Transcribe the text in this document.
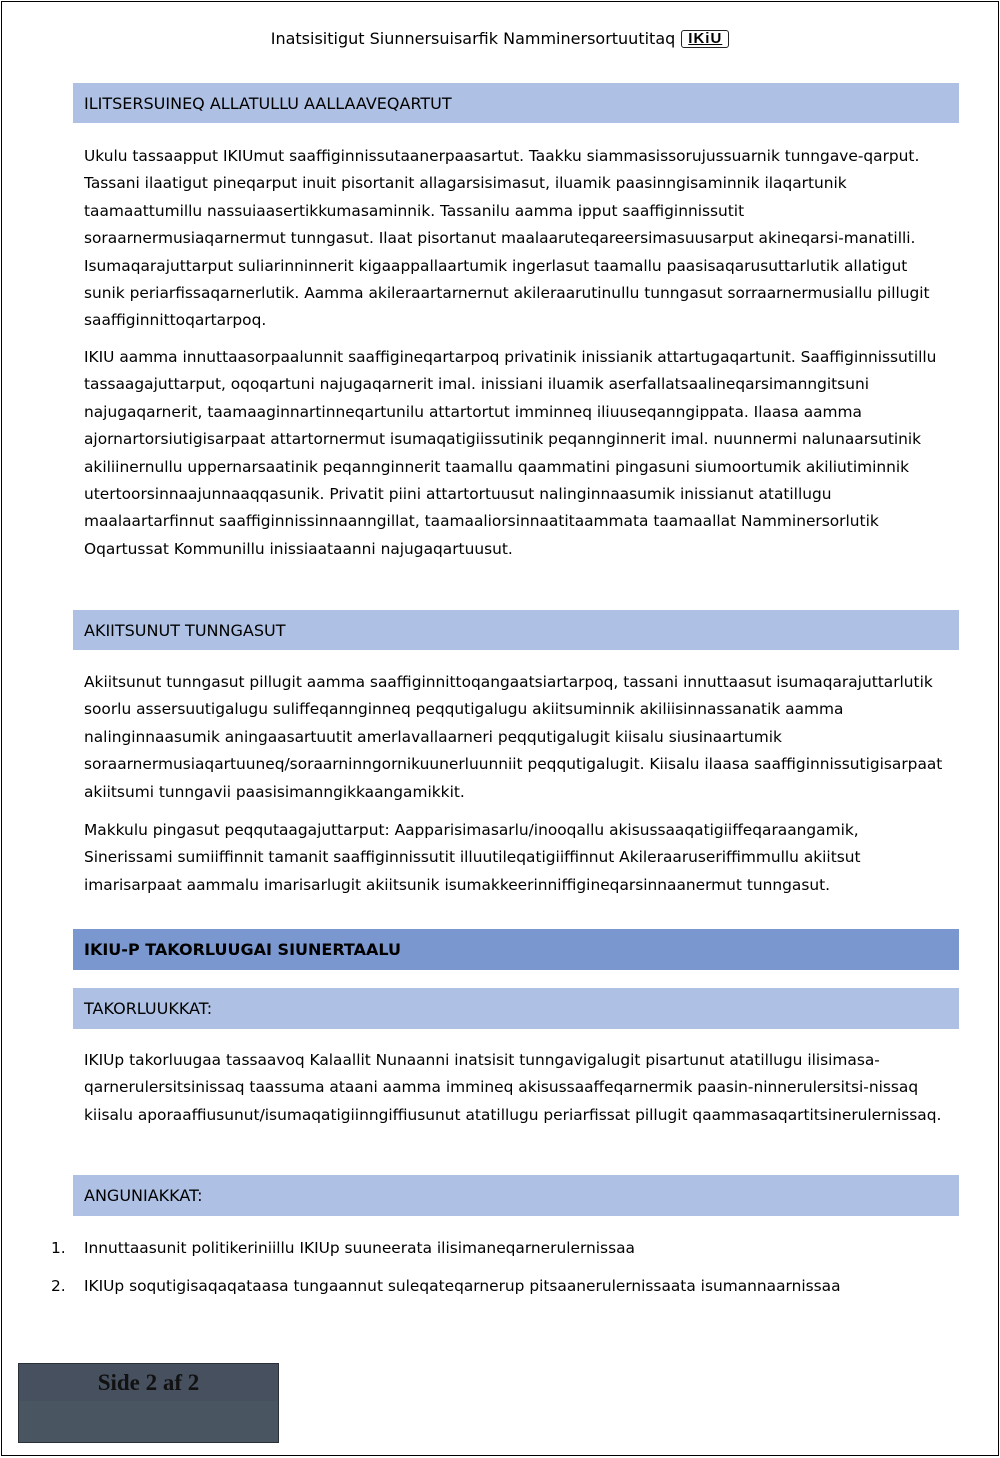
Inatsisitigut Siunnersuisarfik Namminersortuutitaq IKiU
ILITSERSUINEQ ALLATULLU AALLAAVEQARTUT

Ukulu tassaapput IKIUmut saaffiginnissutaanerpaasartut. Taakku siammasissorujussuarnik tunngave-qarput. Tassani ilaatigut pineqarput inuit pisortanit allagarsisimasut, iluamik paasinngisaminnik ilaqartunik taamaattumillu nassuiaasertikkumasaminnik. Tassanilu aamma ipput saaffiginnissutit soraarnermusiaqarnermut tunngasut. Ilaat pisortanut maalaaruteqareersimasuusarput akineqarsi-manatilli. Isumaqarajuttarput suliarinninnerit kigaappallaartumik ingerlasut taamallu paasisaqarusuttarlutik allatigut sunik periarfissaqarnerlutik. Aamma akileraartarnernut akileraarutinullu tunngasut sorraarnermusiallu pillugit saaffiginnittoqartarpoq.

IKIU aamma innuttaasorpaalunnit saaffigineqartarpoq privatinik inissianik attartugaqartunit. Saaffiginnissutillu tassaagajuttarput, oqoqartuni najugaqarnerit imal. inissiani iluamik aserfallatsaalineqarsimanngitsuni najugaqarnerit, taamaaginnartinneqartunilu attartortut imminneq iliuuseqanngippata. Ilaasa aamma ajornartorsiutigisarpaat attartornermut isumaqatigiissutinik peqannginnerit imal. nuunnermi nalunaarsutinik akiliinernullu uppernarsaatinik peqannginnerit taamallu qaammatini pingasuni siumoortumik akiliutiminnik utertoorsinnaajunnaaqqasunik. Privatit piini attartortuusut nalinginnaasumik inissianut atatillugu maalaartarfinnut saaffiginnissinnaanngillat, taamaaliorsinnaatitaammata taamaallat Namminersorlutik Oqartussat Kommunillu inissiaataanni najugaqartuusut.

AKIITSUNUT TUNNGASUT

Akiitsunut tunngasut pillugit aamma saaffiginnittoqangaatsiartarpoq, tassani innuttaasut isumaqarajuttarlutik soorlu assersuutigalugu suliffeqannginneq peqqutigalugu akiitsuminnik akiliisinnassanatik aamma nalinginnaasumik aningaasartuutit amerlavallaarneri peqqutigalugit kiisalu siusinaartumik soraarnermusiaqartuuneq/soraarninngornikuunerluunniit peqqutigalugit. Kiisalu ilaasa saaffiginnissutigisarpaat akiitsumi tunngavii paasisimanngikkaangamikkit.

Makkulu pingasut peqqutaagajuttarput: Aapparisimasarlu/inooqallu akisussaaqatigiiffeqaraangamik, Sinerissami sumiiffinnit tamanit saaffiginnissutit illuutileqatigiiffinnut Akileraaruseriffimmullu akiitsut imarisarpaat aammalu imarisarlugit akiitsunik isumakkeerinniffigineqarsinnaanermut tunngasut.

IKIU-P TAKORLUUGAI SIUNERTAALU
TAKORLUUKKAT:

IKIUp takorluugaa tassaavoq Kalaallit Nunaanni inatsisit tunngavigalugit pisartunut atatillugu ilisimasa-qarnerulersitsinissaq taassuma ataani aamma immineq akisussaaffeqarnermik paasin-ninnerulersitsi-nissaq kiisalu aporaaffiusunut/isumaqatigiinngiffiusunut atatillugu periarfissat pillugit qaammasaqartitsinerulernissaq.

ANGUNIAKKAT:
1. Innuttaasunit politikeriniillu IKIUp suuneerata ilisimaneqarnerulernissaa
2. IKIUp soqutigisaqaqataasa tungaannut suleqateqarnerup pitsaanerulernissaata isumannaarnissaa
Side 2 af 2
